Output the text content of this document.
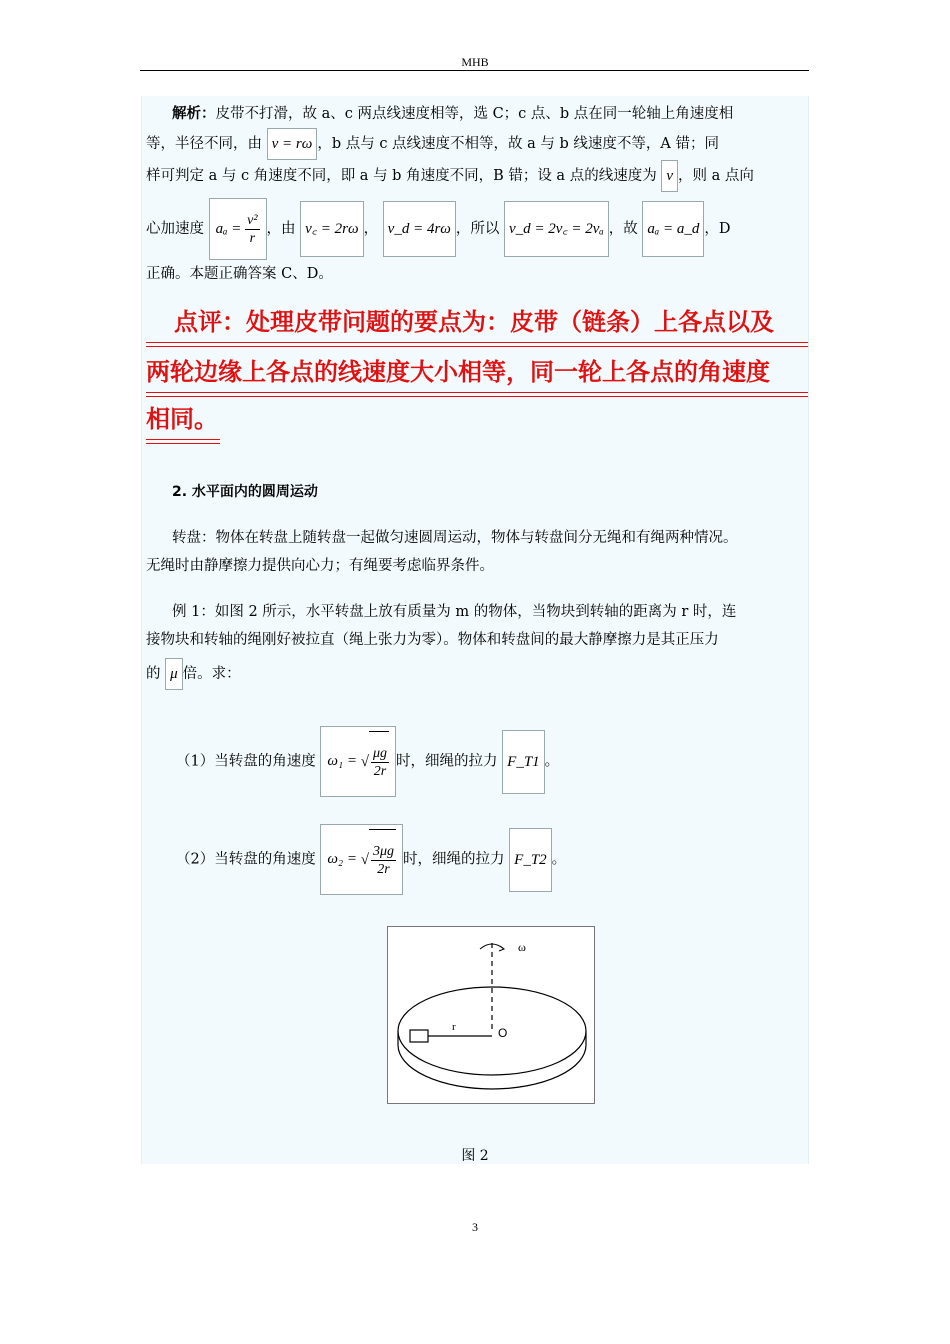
MHB
解析：皮带不打滑，故 a、c 两点线速度相等，选 C；c 点、b 点在同一轮轴上角速度相
等，半径不同，由 v = rω ，b 点与 c 点线速度不相等，故 a 与 b 线速度不等，A 错；同
样可判定 a 与 c 角速度不同，即 a 与 b 角速度不同，B 错；设 a 点的线速度为 v ，则 a 点向
心加速度 $a_a = \frac{\text{v²}}{r}$ ，由 v꜀ = 2rω ， v_d = 4rω ，所以 v_d = 2v꜀ = 2vₐ ，故 aₐ = a_d ，D
正确。本题正确答案 C、D。
点评：处理皮带问题的要点为：皮带（链条）上各点以及
两轮边缘上各点的线速度大小相等，同一轮上各点的角速度
相同。
2. 水平面内的圆周运动
转盘：物体在转盘上随转盘一起做匀速圆周运动，物体与转盘间分无绳和有绳两种情况。
无绳时由静摩擦力提供向心力；有绳要考虑临界条件。
例 1：如图 2 所示，水平转盘上放有质量为 m 的物体，当物块到转轴的距离为 r 时，连
接物块和转轴的绳刚好被拉直（绳上张力为零）。物体和转盘间的最大静摩擦力是其正压力
的 μ 倍。求：
（1）当转盘的角速度 ω₁ = √ $\frac{\mu g}{2r}$ 时，细绳的拉力 F_T1 。
（2）当转盘的角速度 ω₂ = √ $\frac{3\mu g}{2r}$ 时，细绳的拉力 F_T2 。
ω
r	O
图 2
3
